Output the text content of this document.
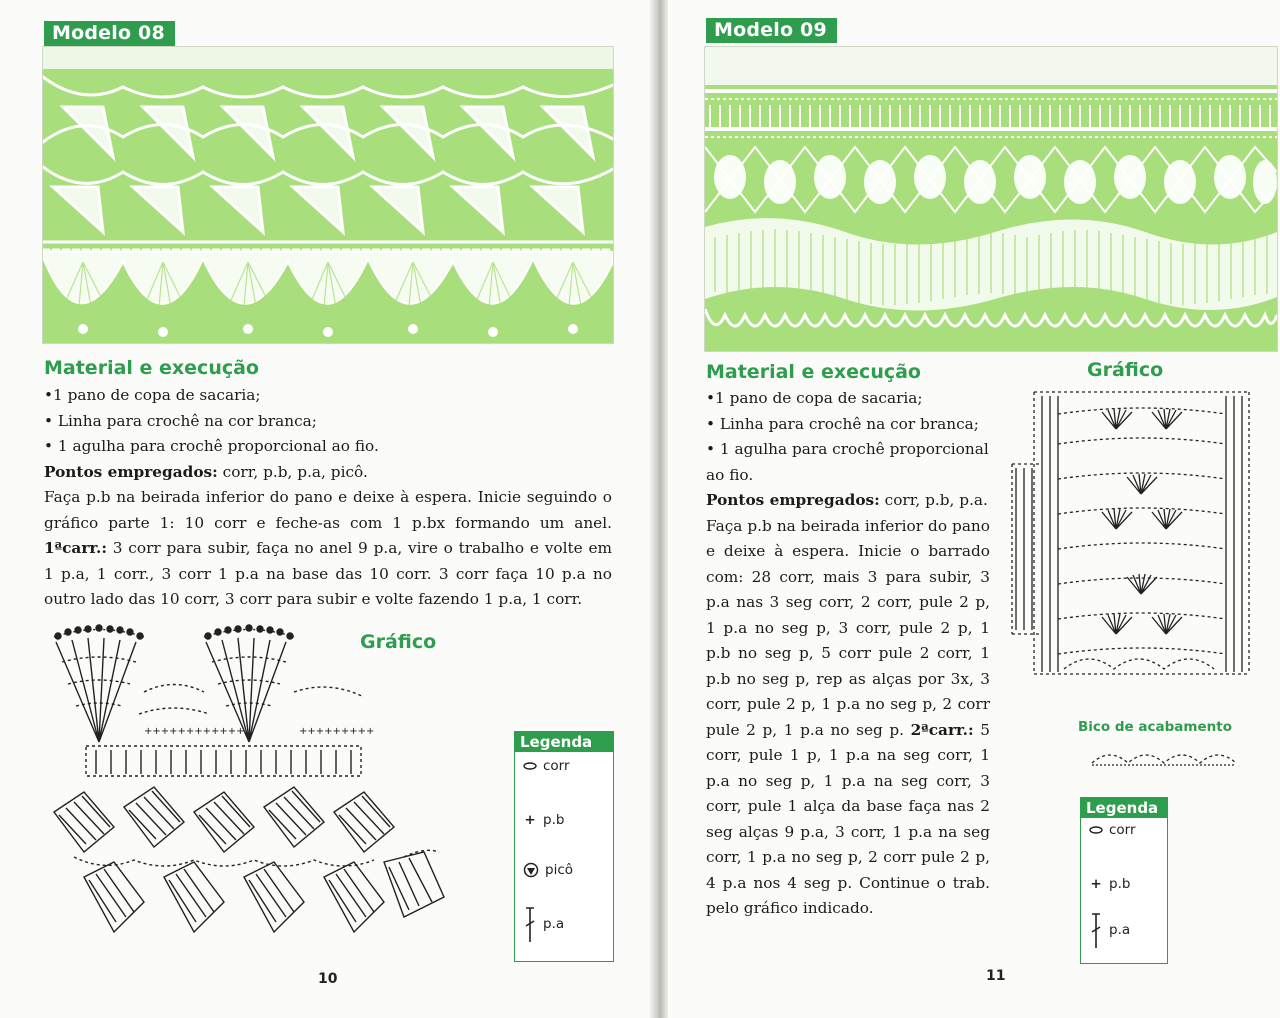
Modelo 08
Material e execução

•1 pano de copa de sacaria;

• Linha para crochê na cor branca;

• 1 agulha para crochê proporcional ao fio.

Pontos empregados: corr, p.b, p.a, picô.

Faça p.b na beirada inferior do pano e deixe à espera. Inicie seguindo o gráfico parte 1: 10 corr e feche-as com 1 p.bx formando um anel. 1ªcarr.: 3 corr para subir, faça no anel 9 p.a, vire o trabalho e volte em 1 p.a, 1 corr., 3 corr 1 p.a na base das 10 corr. 3 corr faça 10 p.a no outro lado das 10 corr, 3 corr para subir e volte fazendo 1 p.a, 1 corr.

Gráfico
++++++++++++	+++++++++
Legenda
corr
+ p.b
picô
p.a
10
Modelo 09
Material e execução	Gráfico

•1 pano de copa de sacaria;

• Linha para crochê na cor branca;

• 1 agulha para crochê proporcional ao fio.

Pontos empregados: corr, p.b, p.a.

Faça p.b na beirada inferior do pano e deixe à espera. Inicie o barrado com: 28 corr, mais 3 para subir, 3 p.a nas 3 seg corr, 2 corr, pule 2 p, 1 p.a no seg p, 3 corr, pule 2 p, 1 p.b no seg p, 5 corr pule 2 corr, 1 p.b no seg p, rep as alças por 3x, 3 corr, pule 2 p, 1 p.a no seg p, 2 corr pule 2 p, 1 p.a no seg p. 2ªcarr.: 5 corr, pule 1 p, 1 p.a na seg corr, 1 p.a no seg p, 1 p.a na seg corr, 3 corr, pule 1 alça da base faça nas 2 seg alças 9 p.a, 3 corr, 1 p.a na seg corr, 1 p.a no seg p, 2 corr pule 2 p, 4 p.a nos 4 seg p. Continue o trab. pelo gráfico indicado.

Bico de acabamento
Legenda
corr
+ p.b
p.a
11
